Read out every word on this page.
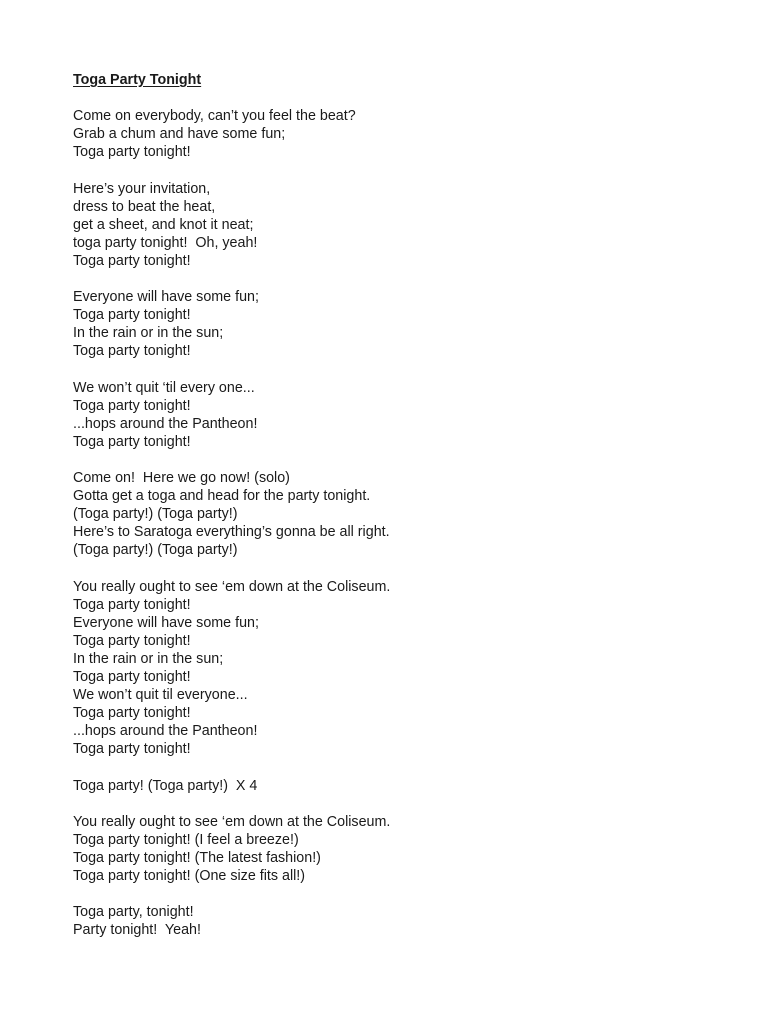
Toga Party Tonight
Come on everybody, can’t you feel the beat?
Grab a chum and have some fun;
Toga party tonight!
Here’s your invitation,
dress to beat the heat,
get a sheet, and knot it neat;
toga party tonight!  Oh, yeah!
Toga party tonight!
Everyone will have some fun;
Toga party tonight!
In the rain or in the sun;
Toga party tonight!
We won’t quit ‘til every one...
Toga party tonight!
...hops around the Pantheon!
Toga party tonight!
Come on!  Here we go now! (solo)
Gotta get a toga and head for the party tonight.
(Toga party!) (Toga party!)
Here’s to Saratoga everything’s gonna be all right.
(Toga party!) (Toga party!)
You really ought to see ‘em down at the Coliseum.
Toga party tonight!
Everyone will have some fun;
Toga party tonight!
In the rain or in the sun;
Toga party tonight!
We won’t quit til everyone...
Toga party tonight!
...hops around the Pantheon!
Toga party tonight!
Toga party! (Toga party!)  X 4
You really ought to see ‘em down at the Coliseum.
Toga party tonight! (I feel a breeze!)
Toga party tonight! (The latest fashion!)
Toga party tonight! (One size fits all!)
Toga party, tonight!
Party tonight!  Yeah!
